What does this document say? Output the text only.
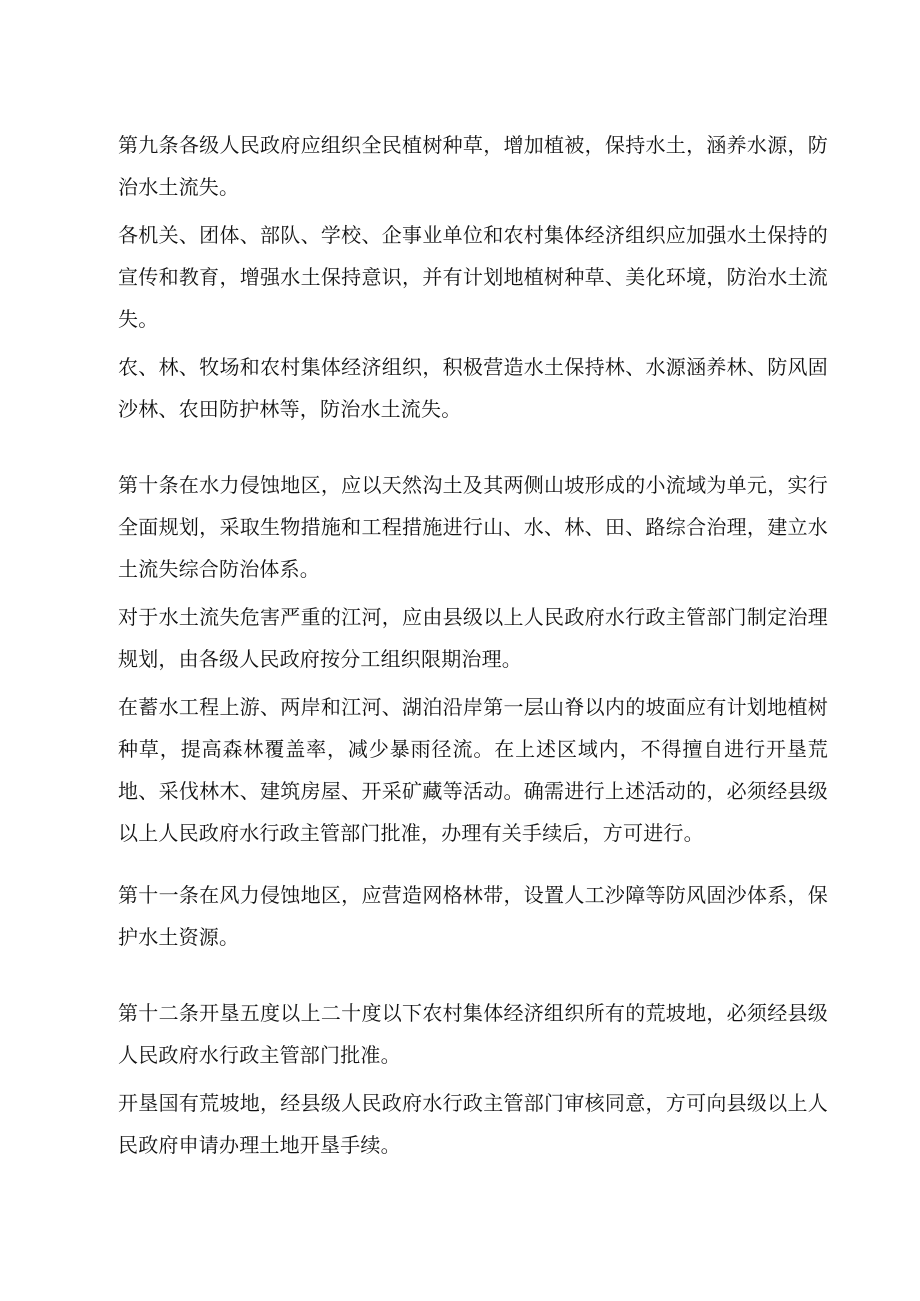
第九条各级人民政府应组织全民植树种草，增加植被，保持水土，涵养水源，防治水土流失。

各机关、团体、部队、学校、企事业单位和农村集体经济组织应加强水土保持的宣传和教育，增强水土保持意识，并有计划地植树种草、美化环境，防治水土流失。

农、林、牧场和农村集体经济组织，积极营造水土保持林、水源涵养林、防风固沙林、农田防护林等，防治水土流失。

第十条在水力侵蚀地区，应以天然沟土及其两侧山坡形成的小流域为单元，实行全面规划，采取生物措施和工程措施进行山、水、林、田、路综合治理，建立水土流失综合防治体系。

对于水土流失危害严重的江河，应由县级以上人民政府水行政主管部门制定治理规划，由各级人民政府按分工组织限期治理。

在蓄水工程上游、两岸和江河、湖泊沿岸第一层山脊以内的坡面应有计划地植树种草，提高森林覆盖率，减少暴雨径流。在上述区域内，不得擅自进行开垦荒地、采伐林木、建筑房屋、开采矿藏等活动。确需进行上述活动的，必须经县级以上人民政府水行政主管部门批准，办理有关手续后，方可进行。

第十一条在风力侵蚀地区，应营造网格林带，设置人工沙障等防风固沙体系，保护水土资源。

第十二条开垦五度以上二十度以下农村集体经济组织所有的荒坡地，必须经县级人民政府水行政主管部门批准。

开垦国有荒坡地，经县级人民政府水行政主管部门审核同意，方可向县级以上人民政府申请办理土地开垦手续。
